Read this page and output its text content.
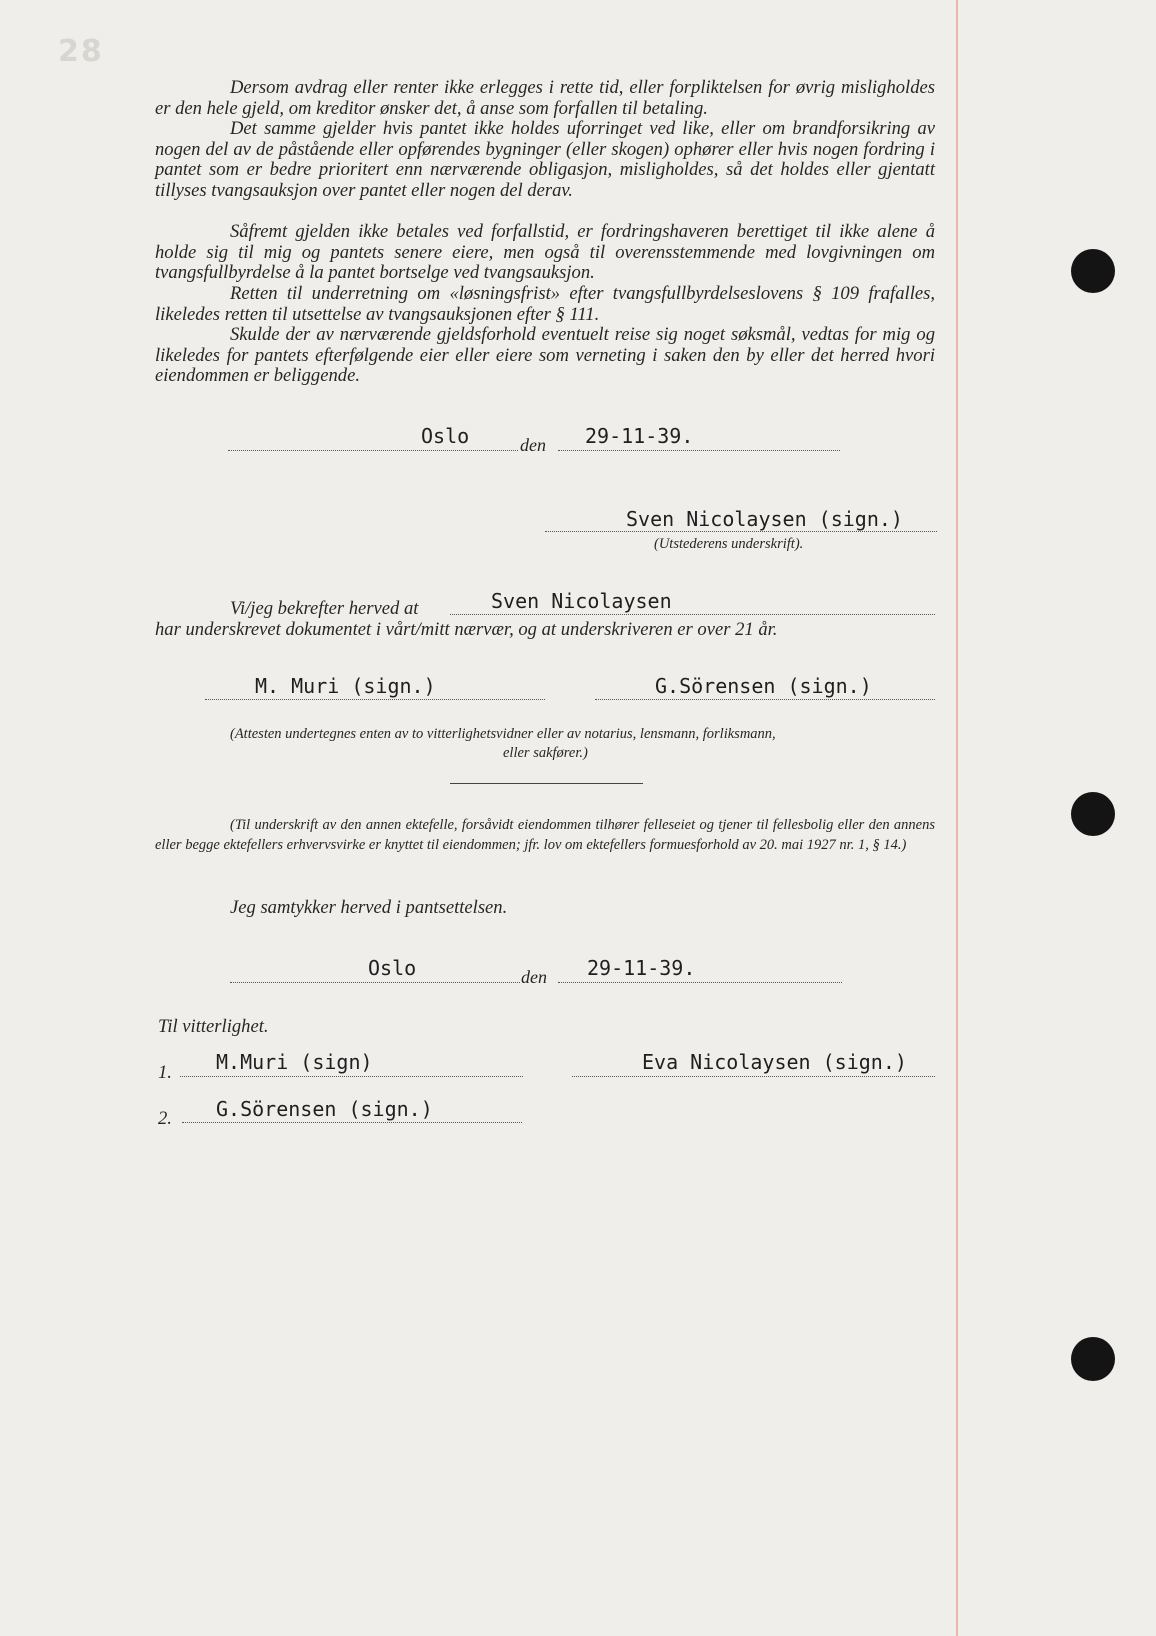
28
Dersom avdrag eller renter ikke erlegges i rette tid, eller forpliktelsen for øvrig misligholdes er den hele gjeld, om kreditor ønsker det, å anse som forfallen til betaling.
Det samme gjelder hvis pantet ikke holdes uforringet ved like, eller om brandforsikring av nogen del av de påstående eller opførendes bygninger (eller skogen) ophører eller hvis nogen fordring i pantet som er bedre prioritert enn nærværende obligasjon, misligholdes, så det holdes eller gjentatt tillyses tvangsauksjon over pantet eller nogen del derav.
Såfremt gjelden ikke betales ved forfallstid, er fordringshaveren berettiget til ikke alene å holde sig til mig og pantets senere eiere, men også til overensstemmende med lovgivningen om tvangsfullbyrdelse å la pantet bortselge ved tvangsauksjon.
Retten til underretning om «løsningsfrist» efter tvangsfullbyrdelseslovens § 109 frafalles, likeledes retten til utsettelse av tvangsauksjonen efter § 111.
Skulde der av nærværende gjeldsforhold eventuelt reise sig noget søksmål, vedtas for mig og likeledes for pantets efterfølgende eier eller eiere som verneting i saken den by eller det herred hvori eiendommen er beliggende.
Oslo	den 29-11-39.
Sven Nicolaysen (sign.)
(Utstederens underskrift).
Vi/jeg bekrefter herved at	Sven Nicolaysen
har underskrevet dokumentet i vårt/mitt nærvær, og at underskriveren er over 21 år.
M. Muri (sign.)	G.Sörensen (sign.)
(Attesten undertegnes enten av to vitterlighetsvidner eller av notarius, lensmann, forliksmann,
eller sakfører.)
(Til underskrift av den annen ektefelle, forsåvidt eiendommen tilhører felleseiet og tjener til fellesbolig eller den annens eller begge ektefellers erhvervsvirke er knyttet til eiendommen; jfr. lov om ektefellers formuesforhold av 20. mai 1927 nr. 1, § 14.)
Jeg samtykker herved i pantsettelsen.
Oslo	den 29-11-39.
Til vitterlighet.
1. M.Muri (sign)	Eva Nicolaysen (sign.)
2. G.Sörensen (sign.)
